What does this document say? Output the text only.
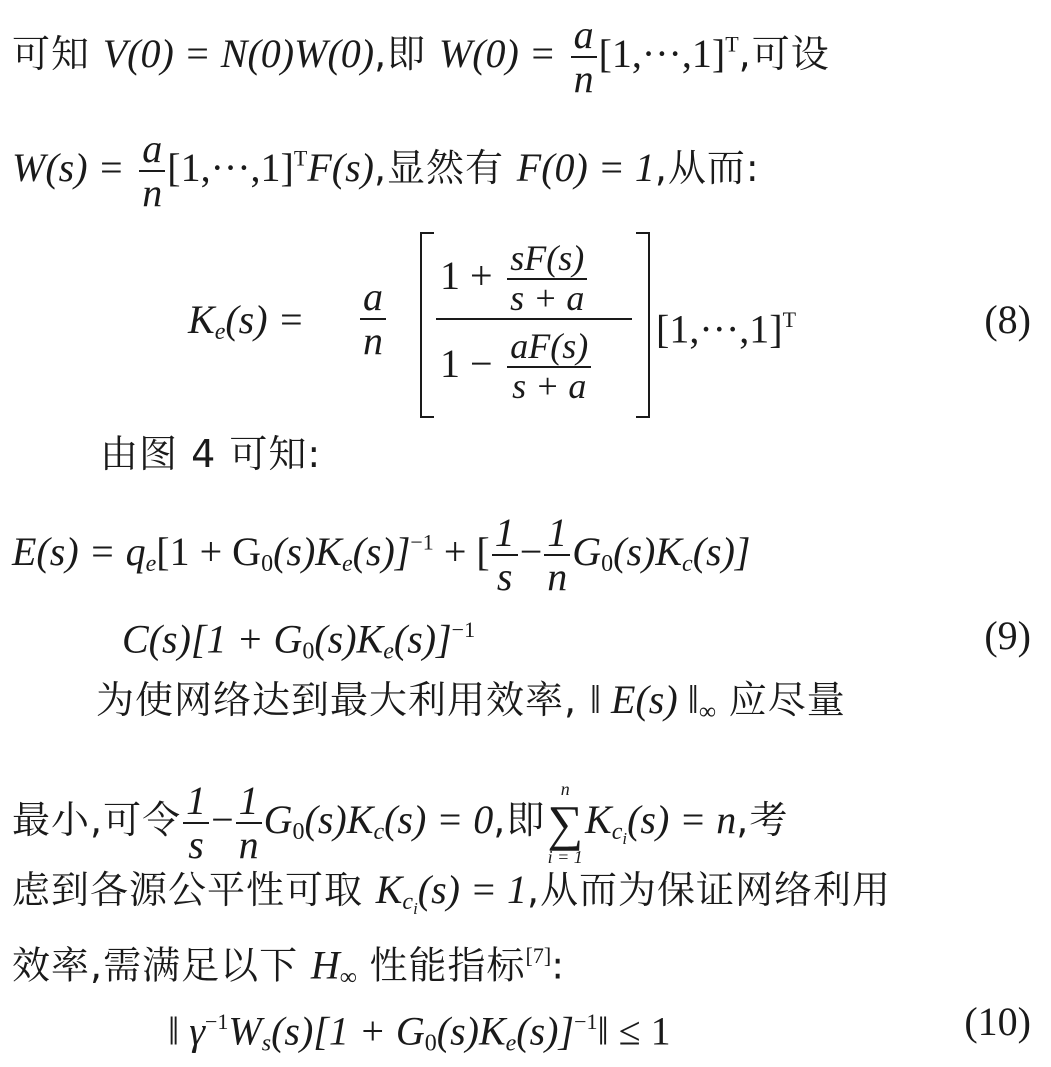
可知 V(0) = N(0)W(0),即 $W(0) = \frac{a}{n} [1,\cdot\cdot\cdot,1]^T$,可设
$W(s) = \frac{a}{n} [1,\cdot\cdot\cdot,1]^TF(s)$,显然有 F(0) = 1,从而:
$K_e(s) = \frac{a}{n}$
$1 + \frac{sF(s)}{s + a}$
$1 - \frac{aF(s)}{s + a} [1,\cdot\cdot\cdot,1]^T$	(8)
由图 4 可知:
$E(s) = q_e[1 + G_0(s)K_e(s)]^{-1}$ + [ $\frac{1}{s} - \frac{1}{n} G_0(s)K_c(s)$]
$C(s)[1 + G_0(s)K_e(s)]^{-1}$	(9)
为使网络达到最大利用效率, ‖ E(s) $‖_\infty$ 应尽量
最小,可令 $\frac{1}{s} - \frac{1}{n} G_0(s)K_c(s) = 0$,即
n
∑
i = 1
$K_{c_i}(s) = n$,考
虑到各源公平性可取 $K_{c_i}(s) = 1$,从而为保证网络利用
效率,需满足以下 $H_\infty$ 性能指标[7]:
‖ $\gamma^{-1}W_s(s)[1$ + $G_0(s)K_e(s)]^{-1}‖ \le 1$	(10)
